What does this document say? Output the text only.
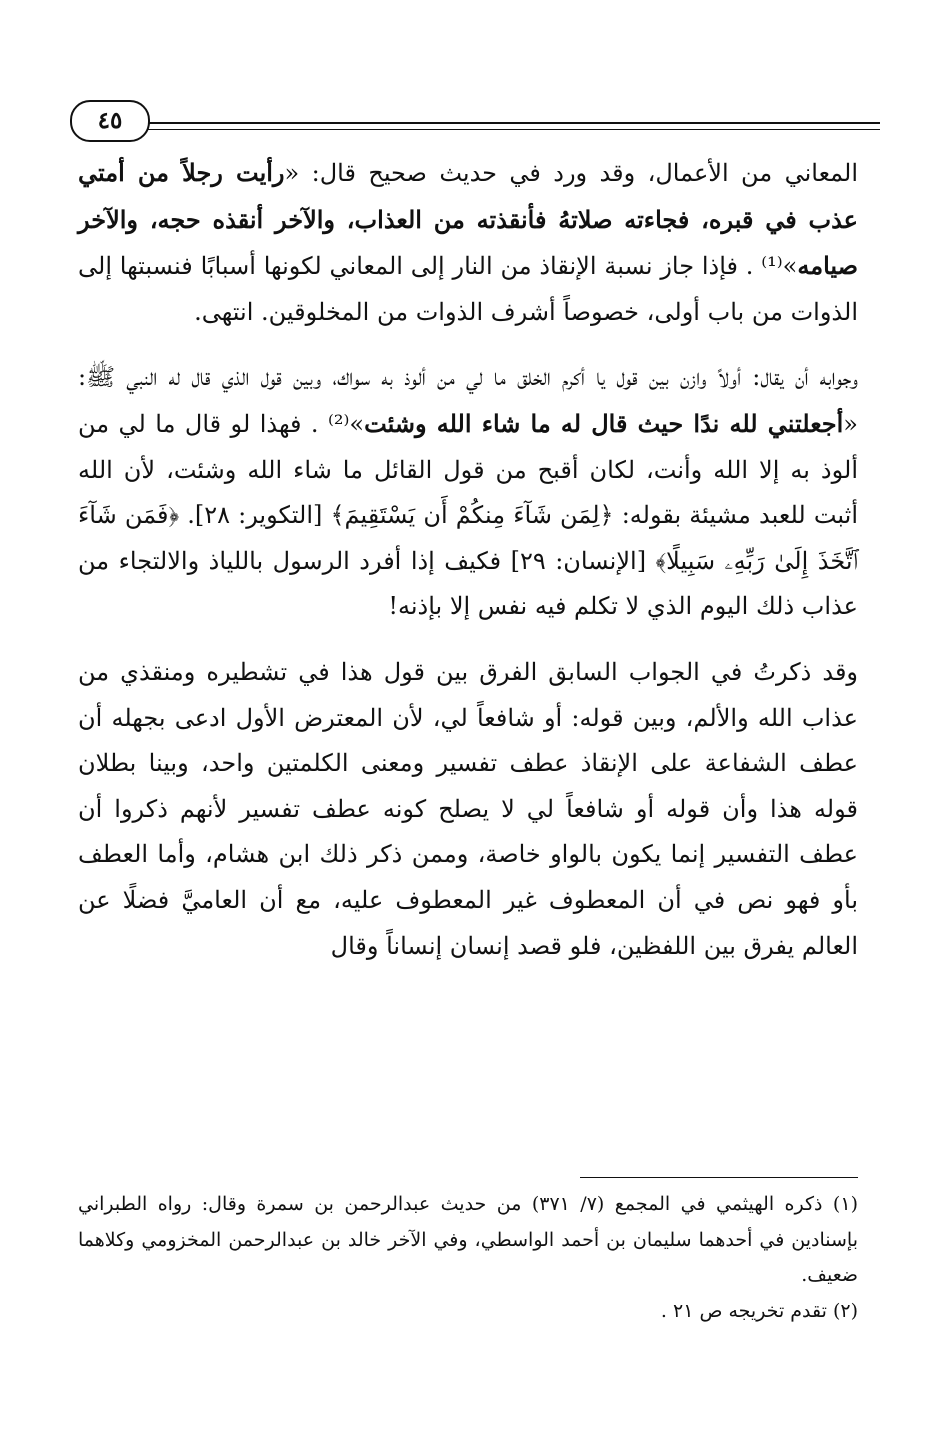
٤٥

المعاني من الأعمال، وقد ورد في حديث صحيح قال: «رأيت رجلاً من أمتي عذب في قبره، فجاءته صلاتهُ فأنقذته من العذاب، والآخر أنقذه حجه، والآخر صيامه»⁽¹⁾ . فإذا جاز نسبة الإنقاذ من النار إلى المعاني لكونها أسبابًا فنسبتها إلى الذوات من باب أولى، خصوصاً أشرف الذوات من المخلوقين. انتهى.

وجوابه أن يقال: أولاً وازن بين قول يا أكرم الخلق ما لي من ألوذ به سواك، وبين قول الذي قال له النبي ﷺ: «أجعلتني لله ندًا حيث قال له ما شاء الله وشئت»⁽²⁾ . فهذا لو قال ما لي من ألوذ به إلا الله وأنت، لكان أقبح من قول القائل ما شاء الله وشئت، لأن الله أثبت للعبد مشيئة بقوله: ﴿لِمَن شَآءَ مِنكُمْ أَن يَسْتَقِيمَ﴾ [التكوير: ٢٨]. ﴿فَمَن شَآءَ ٱتَّخَذَ إِلَىٰ رَبِّهِۦ سَبِيلًا﴾ [الإنسان: ٢٩] فكيف إذا أفرد الرسول باللياذ والالتجاء من عذاب ذلك اليوم الذي لا تكلم فيه نفس إلا بإذنه!

وقد ذكرتُ في الجواب السابق الفرق بين قول هذا في تشطيره ومنقذي من عذاب الله والألم، وبين قوله: أو شافعاً لي، لأن المعترض الأول ادعى بجهله أن عطف الشفاعة على الإنقاذ عطف تفسير ومعنى الكلمتين واحد، وبينا بطلان قوله هذا وأن قوله أو شافعاً لي لا يصلح كونه عطف تفسير لأنهم ذكروا أن عطف التفسير إنما يكون بالواو خاصة، وممن ذكر ذلك ابن هشام، وأما العطف بأو فهو نص في أن المعطوف غير المعطوف عليه، مع أن العاميَّ فضلًا عن العالم يفرق بين اللفظين، فلو قصد إنسان إنساناً وقال

(١) ذكره الهيثمي في المجمع (٧/ ٣٧١) من حديث عبدالرحمن بن سمرة وقال: رواه الطبراني بإسنادين في أحدهما سليمان بن أحمد الواسطي، وفي الآخر خالد بن عبدالرحمن المخزومي وكلاهما ضعيف.

(٢) تقدم تخريجه ص ٢١ .
